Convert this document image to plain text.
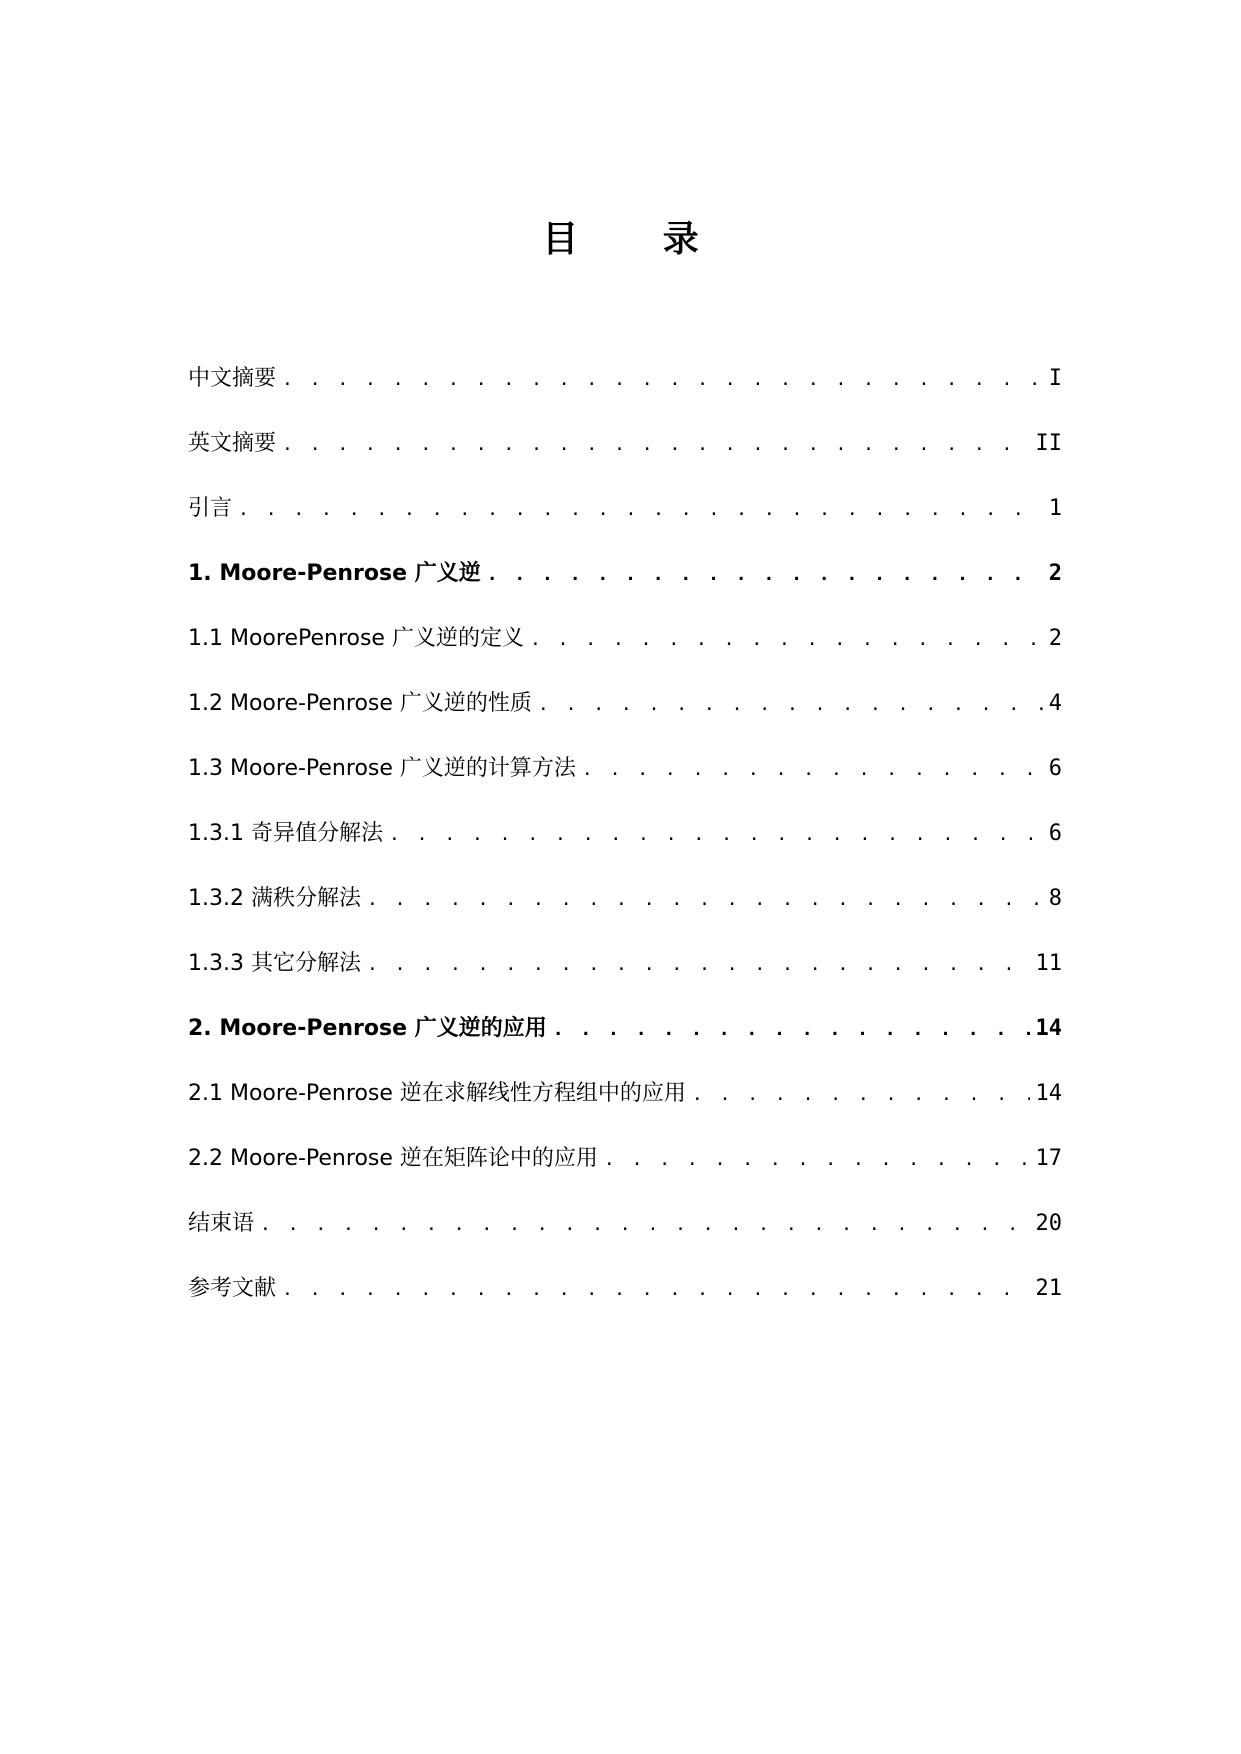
目 录
中文摘要 . . .	I
英文摘要 . . .	II
引言 . . .	1
1. Moore-Penrose 广义逆 . . .	2
1.1 MoorePenrose 广义逆的定义 . . .	2
1.2 Moore-Penrose 广义逆的性质 . . .	4
1.3 Moore-Penrose 广义逆的计算方法 . . .	6
1.3.1 奇异值分解法 . . .	6
1.3.2 满秩分解法 . . .	8
1.3.3 其它分解法 . . .	11
2. Moore-Penrose 广义逆的应用 . . .	14
2.1 Moore-Penrose 逆在求解线性方程组中的应用 . . .	14
2.2 Moore-Penrose 逆在矩阵论中的应用 . . .	17
结束语 . . .	20
参考文献 . . .	21
